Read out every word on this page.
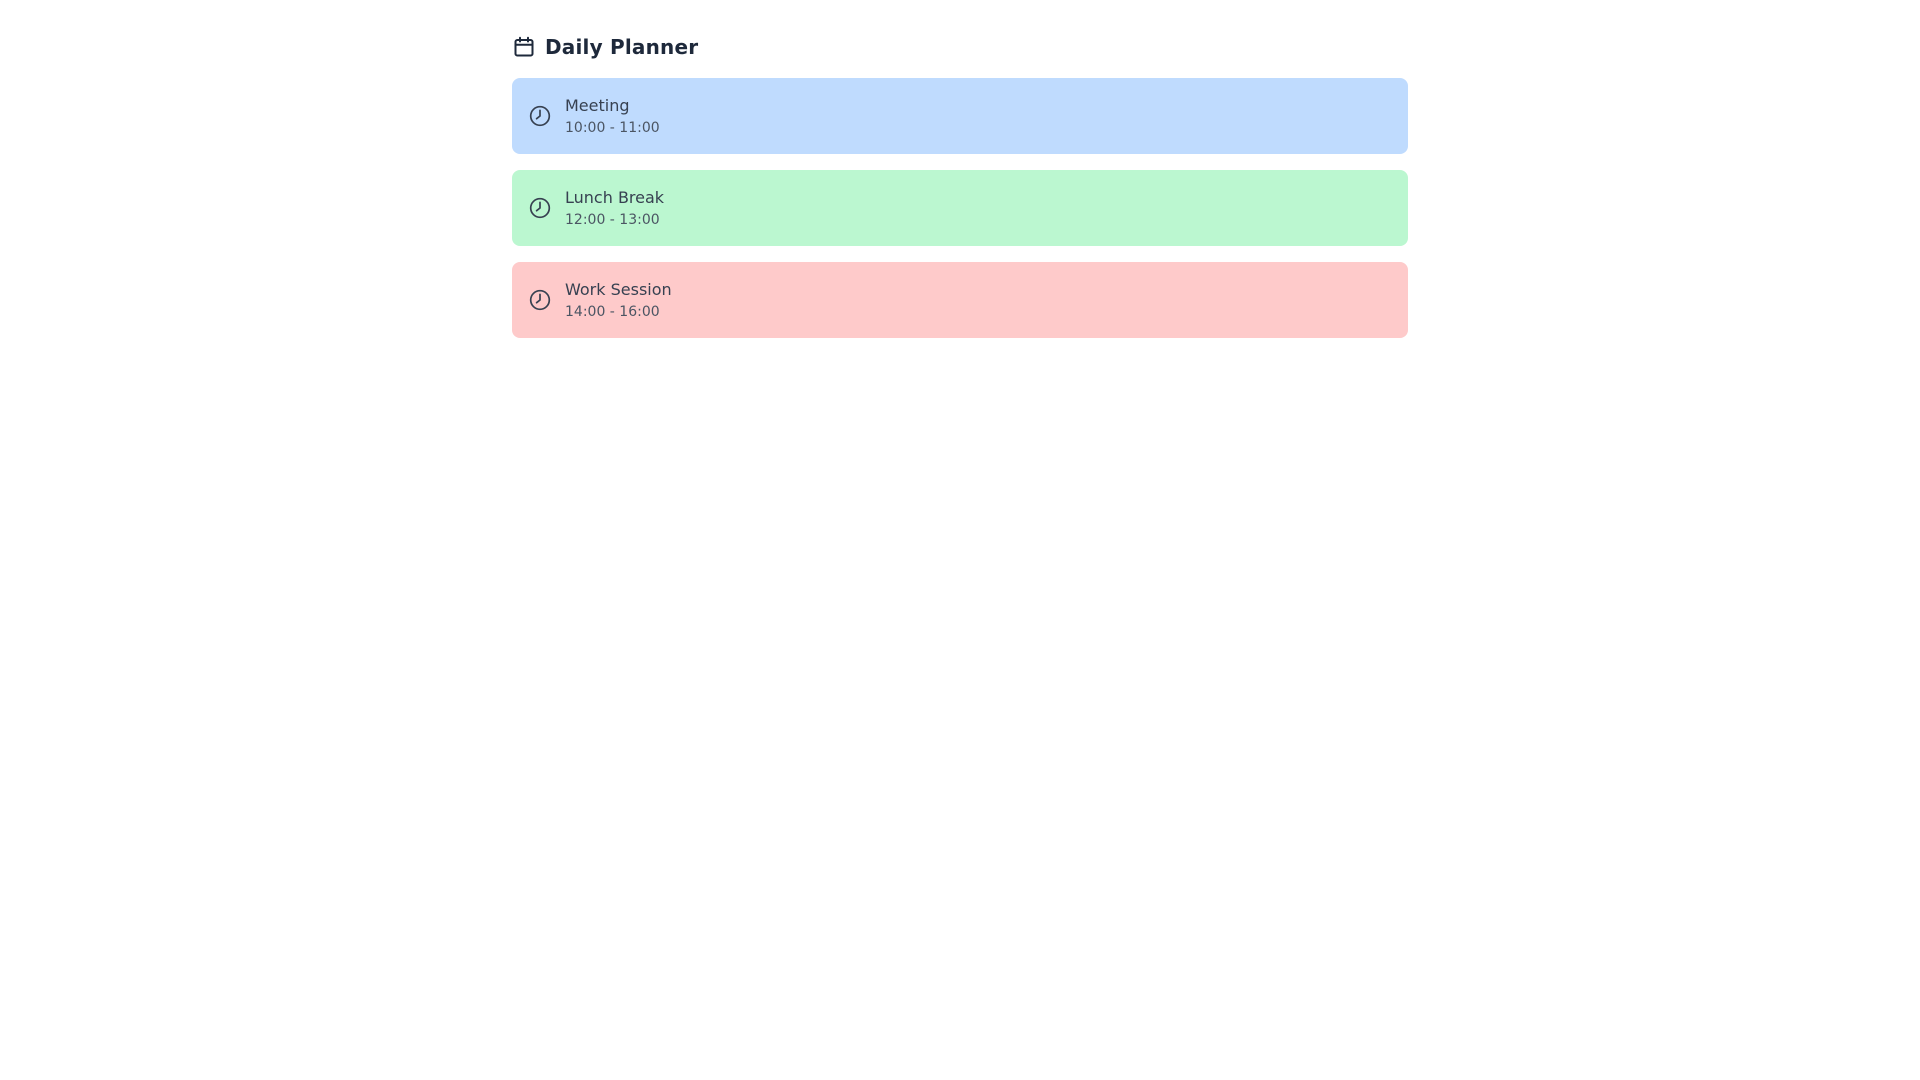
Daily Planner
Meeting
10:00 - 11:00
Lunch Break
12:00 - 13:00
Work Session
14:00 - 16:00
